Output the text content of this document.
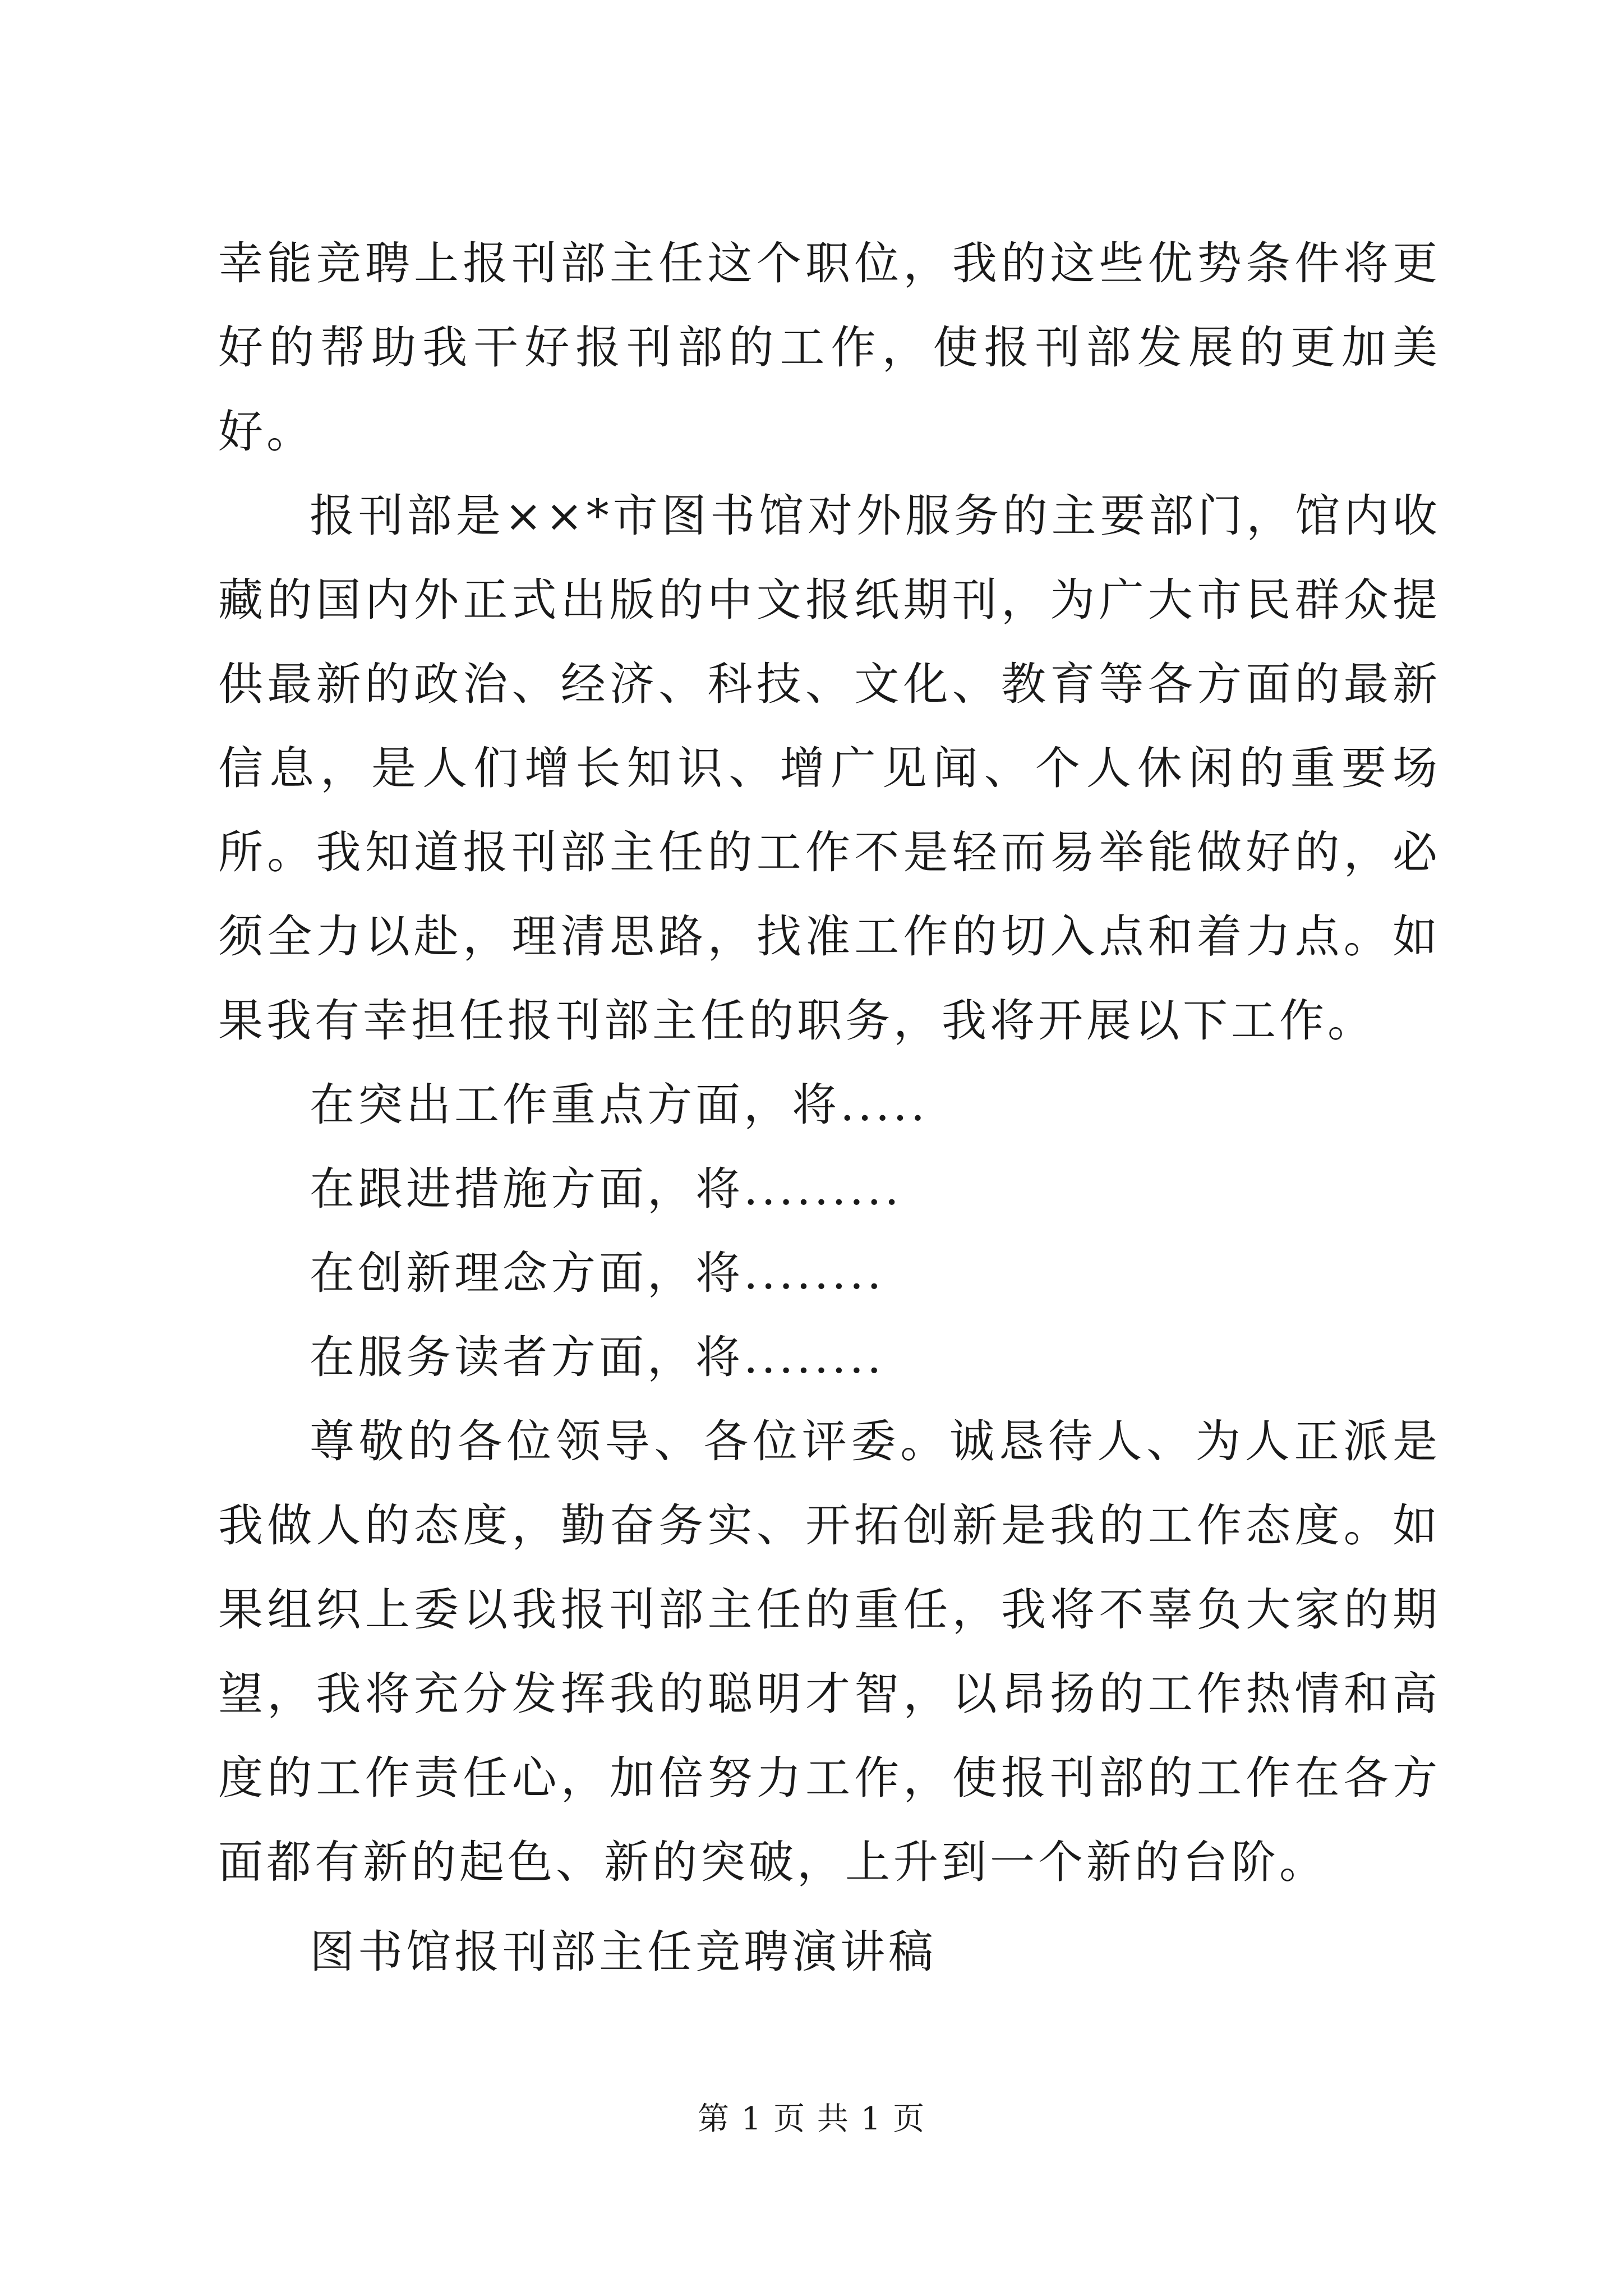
幸能竞聘上报刊部主任这个职位，我的这些优势条件将更好的帮助我干好报刊部的工作，使报刊部发展的更加美好。

报刊部是××*市图书馆对外服务的主要部门，馆内收藏的国内外正式出版的中文报纸期刊，为广大市民群众提供最新的政治、经济、科技、文化、教育等各方面的最新信息，是人们增长知识、增广见闻、个人休闲的重要场所。我知道报刊部主任的工作不是轻而易举能做好的，必须全力以赴，理清思路，找准工作的切入点和着力点。如果我有幸担任报刊部主任的职务，我将开展以下工作。

在突出工作重点方面，将.....

在跟进措施方面，将.........

在创新理念方面，将........

在服务读者方面，将........

尊敬的各位领导、各位评委。诚恳待人、为人正派是我做人的态度，勤奋务实、开拓创新是我的工作态度。如果组织上委以我报刊部主任的重任，我将不辜负大家的期望，我将充分发挥我的聪明才智，以昂扬的工作热情和高度的工作责任心，加倍努力工作，使报刊部的工作在各方面都有新的起色、新的突破，上升到一个新的台阶。

图书馆报刊部主任竞聘演讲稿

第 1 页 共 1 页
